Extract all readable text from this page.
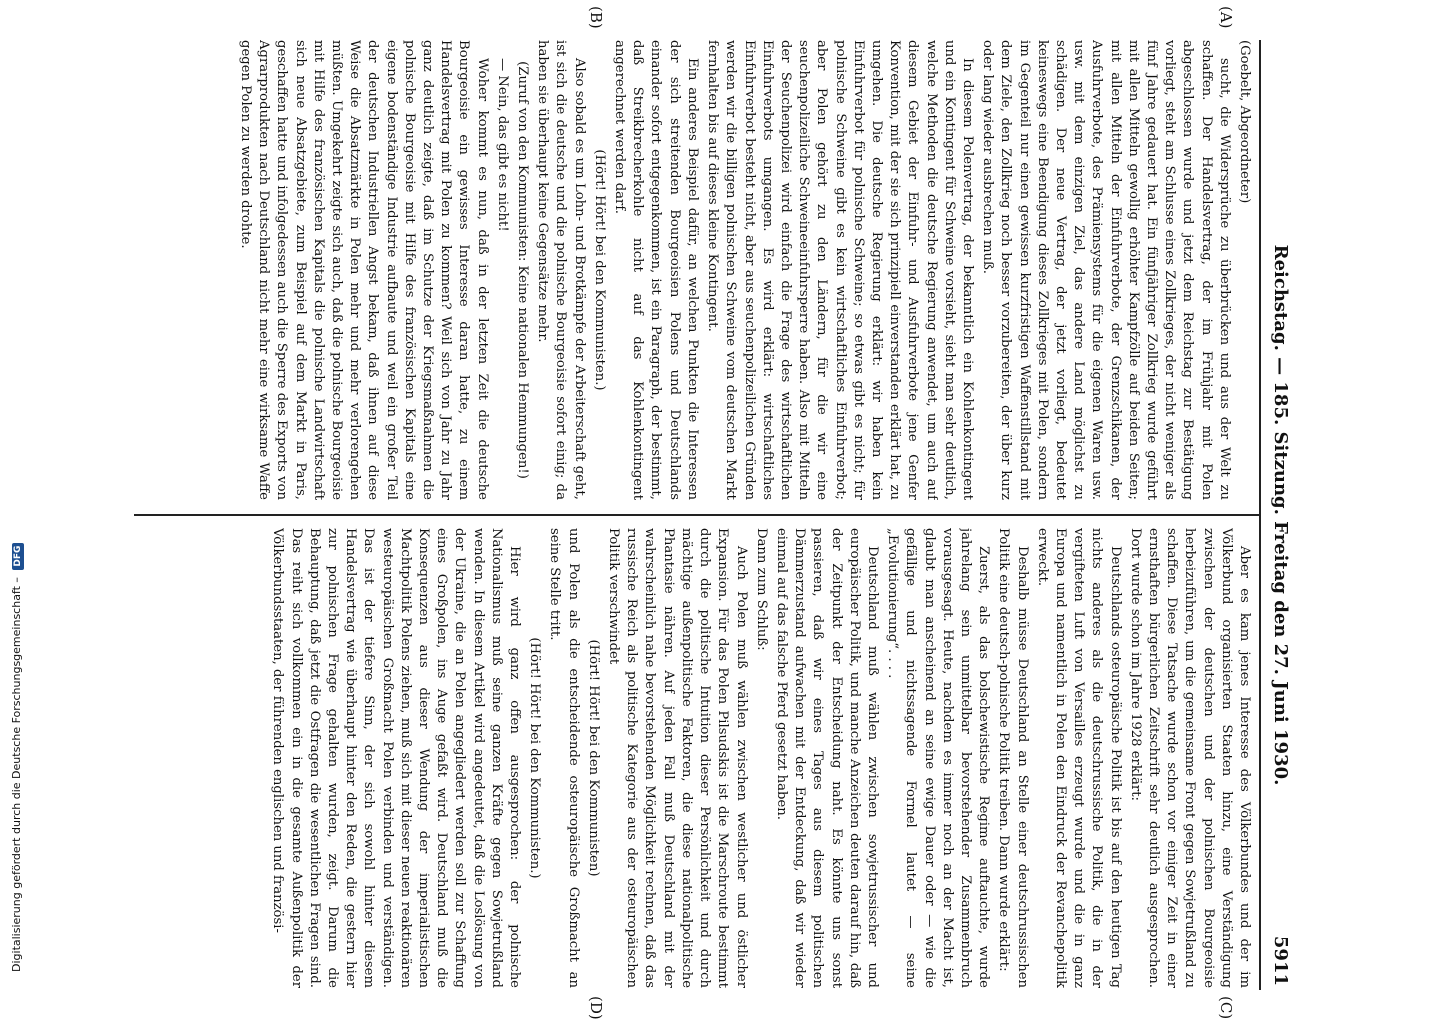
Reichstag. — 185. Sitzung. Freitag den 27. Juni 1930.
5911
(A)
(B)
(C)
(D)

(Goebelt, Abgeordneter)

sucht, die Widersprüche zu überbrücken und aus der Welt zu schaffen. Der Handelsvertrag, der im Frühjahr mit Polen abgeschlossen wurde und jetzt dem Reichstag zur Bestätigung vorliegt, steht am Schlusse eines Zollkrieges, der nicht weniger als fünf Jahre gedauert hat. Ein fünfjähriger Zollkrieg wurde geführt mit allen Mitteln gewollig erhöhter Kampfzölle auf beiden Seiten; mit allen Mitteln der Einfuhrverbote, der Grenzschikanen, der Ausfuhrverbote, des Prämiensystems für die eigenen Waren usw. usw. mit dem einzigen Ziel, das andere Land möglichst zu schädigen. Der neue Vertrag, der jetzt vorliegt, bedeutet keineswegs eine Beendigung dieses Zollkrieges mit Polen, sondern im Gegenteil nur einen gewissen kurzfristigen Waffenstillstand mit dem Ziele, den Zollkrieg noch besser vorzubereiten, der über kurz oder lang wieder ausbrechen muß.

In diesem Polenvertrag, der bekanntlich ein Kohlenkontingent und ein Kontingent für Schweine vorsieht, sieht man sehr deutlich, welche Methoden die deutsche Regierung anwendet, um auch auf diesem Gebiet der Einfuhr- und Ausfuhrverbote jene Genfer Konvention, mit der sie sich prinzipiell einverstanden erklärt hat, zu umgehen. Die deutsche Regierung erklärt: wir haben kein Einfuhrverbot für polnische Schweine; so etwas gibt es nicht; für polnische Schweine gibt es kein wirtschaftliches Einfuhrverbot; aber Polen gehört zu den Ländern, für die wir eine seuchenpolizeiliche Schweineeinfuhrsperre haben. Also mit Mitteln der Seuchenpolizei wird einfach die Frage des wirtschaftlichen Einfuhrverbots umgangen. Es wird erklärt: wirtschaftliches Einfuhrverbot besteht nicht, aber aus seuchenpolizeilichen Gründen werden wir die billigen polnischen Schweine vom deutschen Markt fernhalten bis auf dieses kleine Kontingent.

Ein anderes Beispiel dafür, an welchen Punkten die Interessen der sich streitenden Bourgeoisien Polens und Deutschlands einander sofort entgegenkommen, ist ein Paragraph, der bestimmt, daß Streikbrecherkohle nicht auf das Kohlenkontingent angerechnet werden darf.

(Hört! Hört! bei den Kommunisten.)

Also sobald es um Lohn- und Brotkämpfe der Arbeiterschaft geht, ist sich die deutsche und die polnische Bourgeoisie sofort einig; da haben sie überhaupt keine Gegensätze mehr.

(Zuruf von den Kommunisten: Keine nationalen Hemmungen!)

— Nein, das gibt es nicht!

Woher kommt es nun, daß in der letzten Zeit die deutsche Bourgeoisie ein gewisses Interesse daran hatte, zu einem Handelsvertrag mit Polen zu kommen? Weil sich von Jahr zu Jahr ganz deutlich zeigte, daß im Schutze der Kriegsmaßnahmen die polnische Bourgeoisie mit Hilfe des französischen Kapitals eine eigene bodenständige Industrie aufbaute und weil ein großer Teil der deutschen Industriellen Angst bekam, daß ihnen auf diese Weise die Absatzmärkte in Polen mehr und mehr verlorengehen müßten. Umgekehrt zeigte sich auch, daß die polnische Bourgeoisie mit Hilfe des französischen Kapitals die polnische Landwirtschaft sich neue Absatzgebiete, zum Beispiel auf dem Markt in Paris, geschaffen hatte und infolgedessen auch die Sperre des Exports von Agrarprodukten nach Deutschland nicht mehr eine wirksame Waffe gegen Polen zu werden drohte.

Aber es kam jenes Interesse des Völkerbundes und der im Völkerbund organisierten Staaten hinzu, eine Verständigung zwischen der deutschen und der polnischen Bourgeoisie herbeizuführen, um die gemeinsame Front gegen Sowjetrußland zu schaffen. Diese Tatsache wurde schon vor einiger Zeit in einer ernsthaften bürgerlichen Zeitschrift sehr deutlich ausgesprochen. Dort wurde schon im Jahre 1928 erklärt:

Deutschlands osteuropäische Politik ist bis auf den heutigen Tag nichts anderes als die deutschrussische Politik, die in der vergifteten Luft von Versailles erzeugt wurde und die in ganz Europa und namentlich in Polen den Eindruck der Revanchepolitik erweckt.

Deshalb müsse Deutschland an Stelle einer deutschrussischen Politik eine deutsch-polnische Politik treiben. Dann wurde erklärt:

Zuerst, als das bolschewistische Regime auftauchte, wurde jahrelang sein unmittelbar bevorstehender Zusammenbruch vorausgesagt. Heute, nachdem es immer noch an der Macht ist, glaubt man anscheinend an seine ewige Dauer oder — wie die gefällige und nichtssagende Formel lautet — seine „Evolutionierung“. . . .

Deutschland muß wählen zwischen sowjetrussischer und europäischer Politik, und manche Anzeichen deuten darauf hin, daß der Zeitpunkt der Entscheidung naht. Es könnte uns sonst passieren, daß wir eines Tages aus diesem politischen Dämmerzustand aufwachen mit der Entdeckung, daß wir wieder einmal auf das falsche Pferd gesetzt haben.

Dann zum Schluß:

Auch Polen muß wählen zwischen westlicher und östlicher Expansion. Für das Polen Pilsudskis ist die Marschroute bestimmt durch die politische Intuition dieser Persönlichkeit und durch mächtige außenpolitische Faktoren, die diese nationalpolitische Phantasie nähren. Auf jeden Fall muß Deutschland mit der wahrscheinlich nahe bevorstehenden Möglichkeit rechnen, daß das russische Reich als politische Kategorie aus der osteuropäischen Politik verschwindet

(Hört! Hört! bei den Kommunisten)

und Polen als die entscheidende osteuropäische Großmacht an seine Stelle tritt.

(Hört! Hört! bei den Kommunisten.)

Hier wird ganz offen ausgesprochen: der polnische Nationalismus muß seine ganzen Kräfte gegen Sowjetrußland wenden. In diesem Artikel wird angedeutet, daß die Loslösung von der Ukraine, die an Polen angegliedert werden soll zur Schaffung eines Großpolen, ins Auge gefaßt wird. Deutschland muß die Konsequenzen aus dieser Wendung der imperialistischen Machtpolitik Polens ziehen, muß sich mit dieser neuen reaktionären westeuropäischen Großmacht Polen verbinden und verständigen. Das ist der tiefere Sinn, der sich sowohl hinter diesem Handelsvertrag wie überhaupt hinter den Reden, die gestern hier zur polnischen Frage gehalten wurden, zeigt. Darum die Behauptung, daß jetzt die Ostfragen die wesentlichen Fragen sind. Das reiht sich vollkommen ein in die gesamte Außenpolitik der Völkerbundsstaaten, der führenden englischen und französi-

Digitalisierung gefördert durch die Deutsche Forschungsgemeinschaft – DFG
